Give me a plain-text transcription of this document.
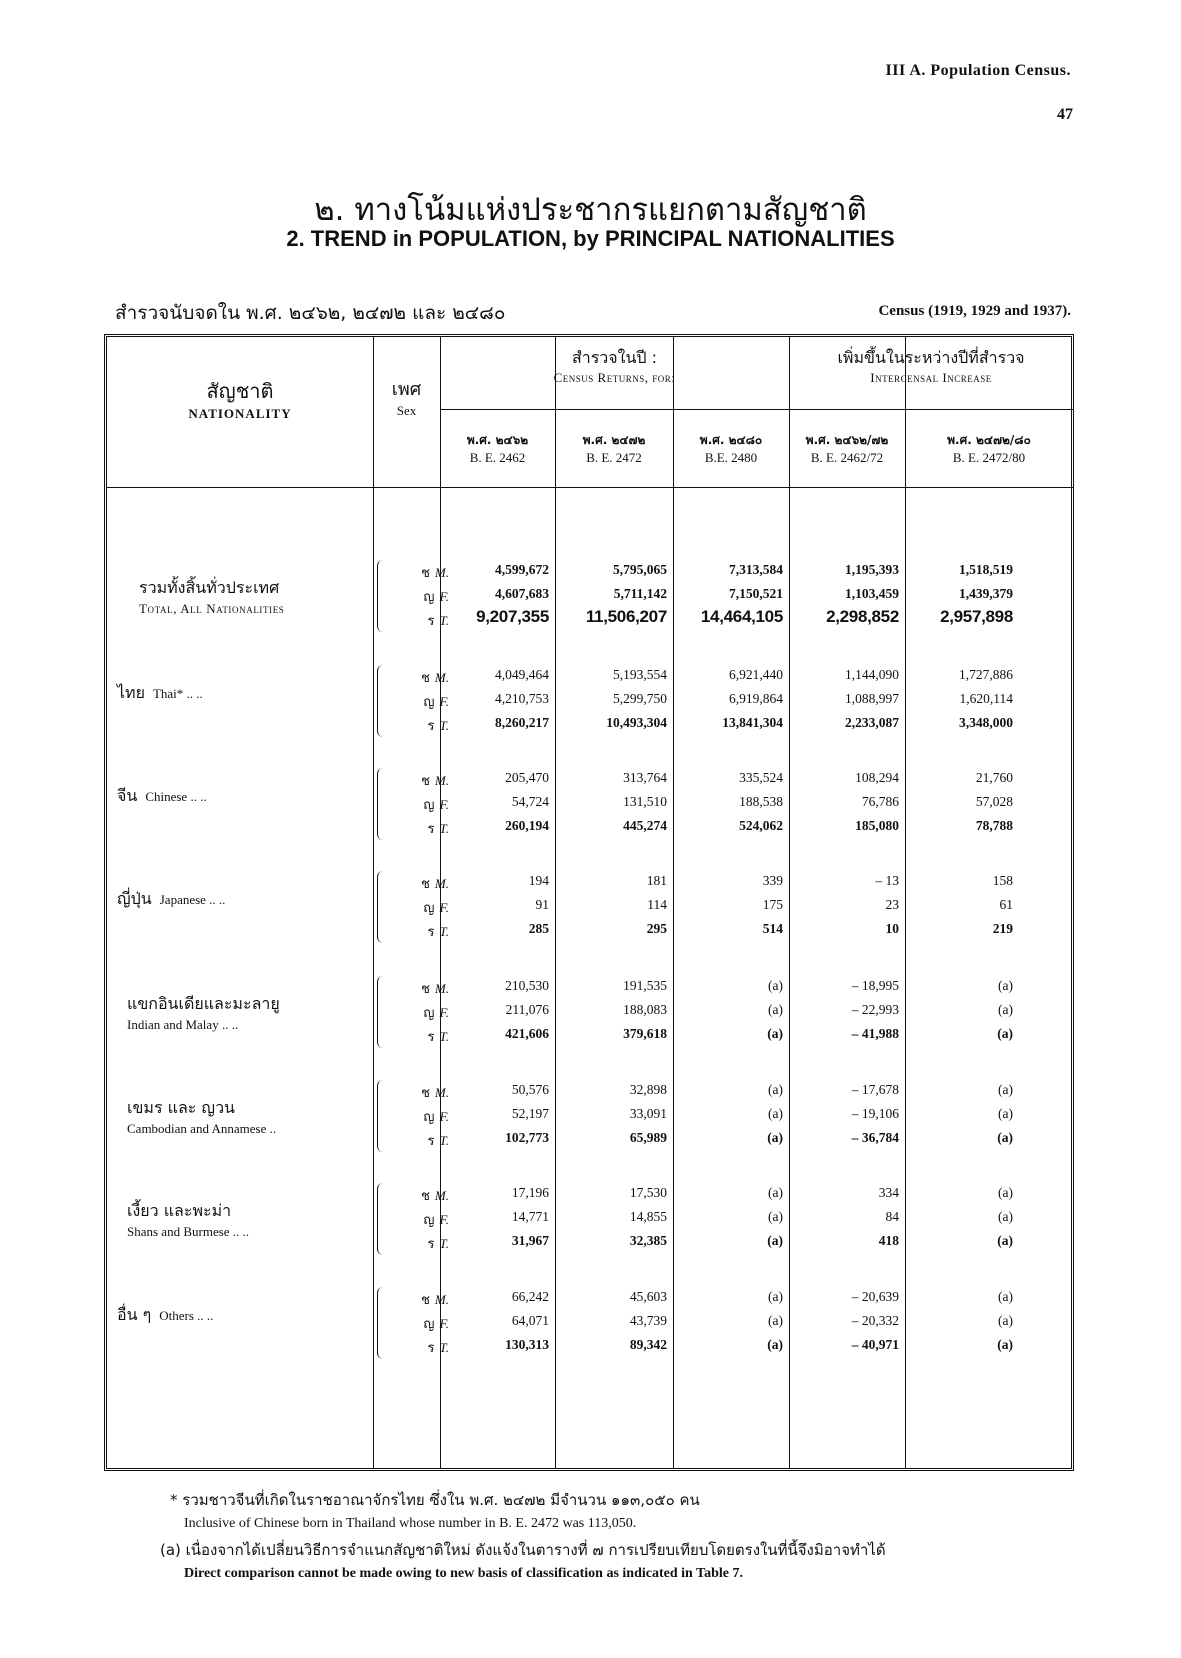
III A. Population Census.
47
๒. ทางโน้มแห่งประชากรแยกตามสัญชาติ
2. TREND in POPULATION, by PRINCIPAL NATIONALITIES
สำรวจนับจดใน พ.ศ. ๒๔๖๒, ๒๔๗๒ และ ๒๔๘๐	Census (1919, 1929 and 1937).
สัญชาติ
NATIONALITY
เพศ
Sex
สำรวจในปี :
Census Returns, for:
เพิ่มขึ้นในระหว่างปีที่สำรวจ
Intercensal Increase
พ.ศ. ๒๔๖๒
B. E. 2462
พ.ศ. ๒๔๗๒
B. E. 2472
พ.ศ. ๒๔๘๐
B.E. 2480
พ.ศ. ๒๔๖๒/๗๒
B. E. 2462/72
พ.ศ. ๒๔๗๒/๘๐
B. E. 2472/80
รวมทั้งสิ้นทั่วประเทศ
Total, All Nationalities
ช M.	4,599,672	5,795,065	7,313,584	1,195,393	1,518,519
ญ F.	4,607,683	5,711,142	7,150,521	1,103,459	1,439,379
ร T.	9,207,355	11,506,207	14,464,105	2,298,852	2,957,898
ไทย Thai* .. ..
ช M.	4,049,464	5,193,554	6,921,440	1,144,090	1,727,886
ญ F.	4,210,753	5,299,750	6,919,864	1,088,997	1,620,114
ร T.	8,260,217	10,493,304	13,841,304	2,233,087	3,348,000
จีน Chinese .. ..
ช M.	205,470	313,764	335,524	108,294	21,760
ญ F.	54,724	131,510	188,538	76,786	57,028
ร T.	260,194	445,274	524,062	185,080	78,788
ญี่ปุ่น Japanese .. ..
ช M.	194	181	339	– 13	158
ญ F.	91	114	175	23	61
ร T.	285	295	514	10	219
แขกอินเดียและมะลายู
Indian and Malay .. ..
ช M.	210,530	191,535	(a)	– 18,995	(a)
ญ F.	211,076	188,083	(a)	– 22,993	(a)
ร T.	421,606	379,618	(a)	– 41,988	(a)
เขมร และ ญวน
Cambodian and Annamese ..
ช M.	50,576	32,898	(a)	– 17,678	(a)
ญ F.	52,197	33,091	(a)	– 19,106	(a)
ร T.	102,773	65,989	(a)	– 36,784	(a)
เงี้ยว และพะม่า
Shans and Burmese .. ..
ช M.	17,196	17,530	(a)	334	(a)
ญ F.	14,771	14,855	(a)	84	(a)
ร T.	31,967	32,385	(a)	418	(a)
อื่น ๆ Others .. ..
ช M.	66,242	45,603	(a)	– 20,639	(a)
ญ F.	64,071	43,739	(a)	– 20,332	(a)
ร T.	130,313	89,342	(a)	– 40,971	(a)
* รวมชาวจีนที่เกิดในราชอาณาจักรไทย ซึ่งใน พ.ศ. ๒๔๗๒ มีจำนวน ๑๑๓,๐๕๐ คน
Inclusive of Chinese born in Thailand whose number in B. E. 2472 was 113,050.
(a) เนื่องจากได้เปลี่ยนวิธีการจำแนกสัญชาติใหม่ ดังแจ้งในตารางที่ ๗ การเปรียบเทียบโดยตรงในที่นี้จึงมิอาจทำได้
Direct comparison cannot be made owing to new basis of classification as indicated in Table 7.
